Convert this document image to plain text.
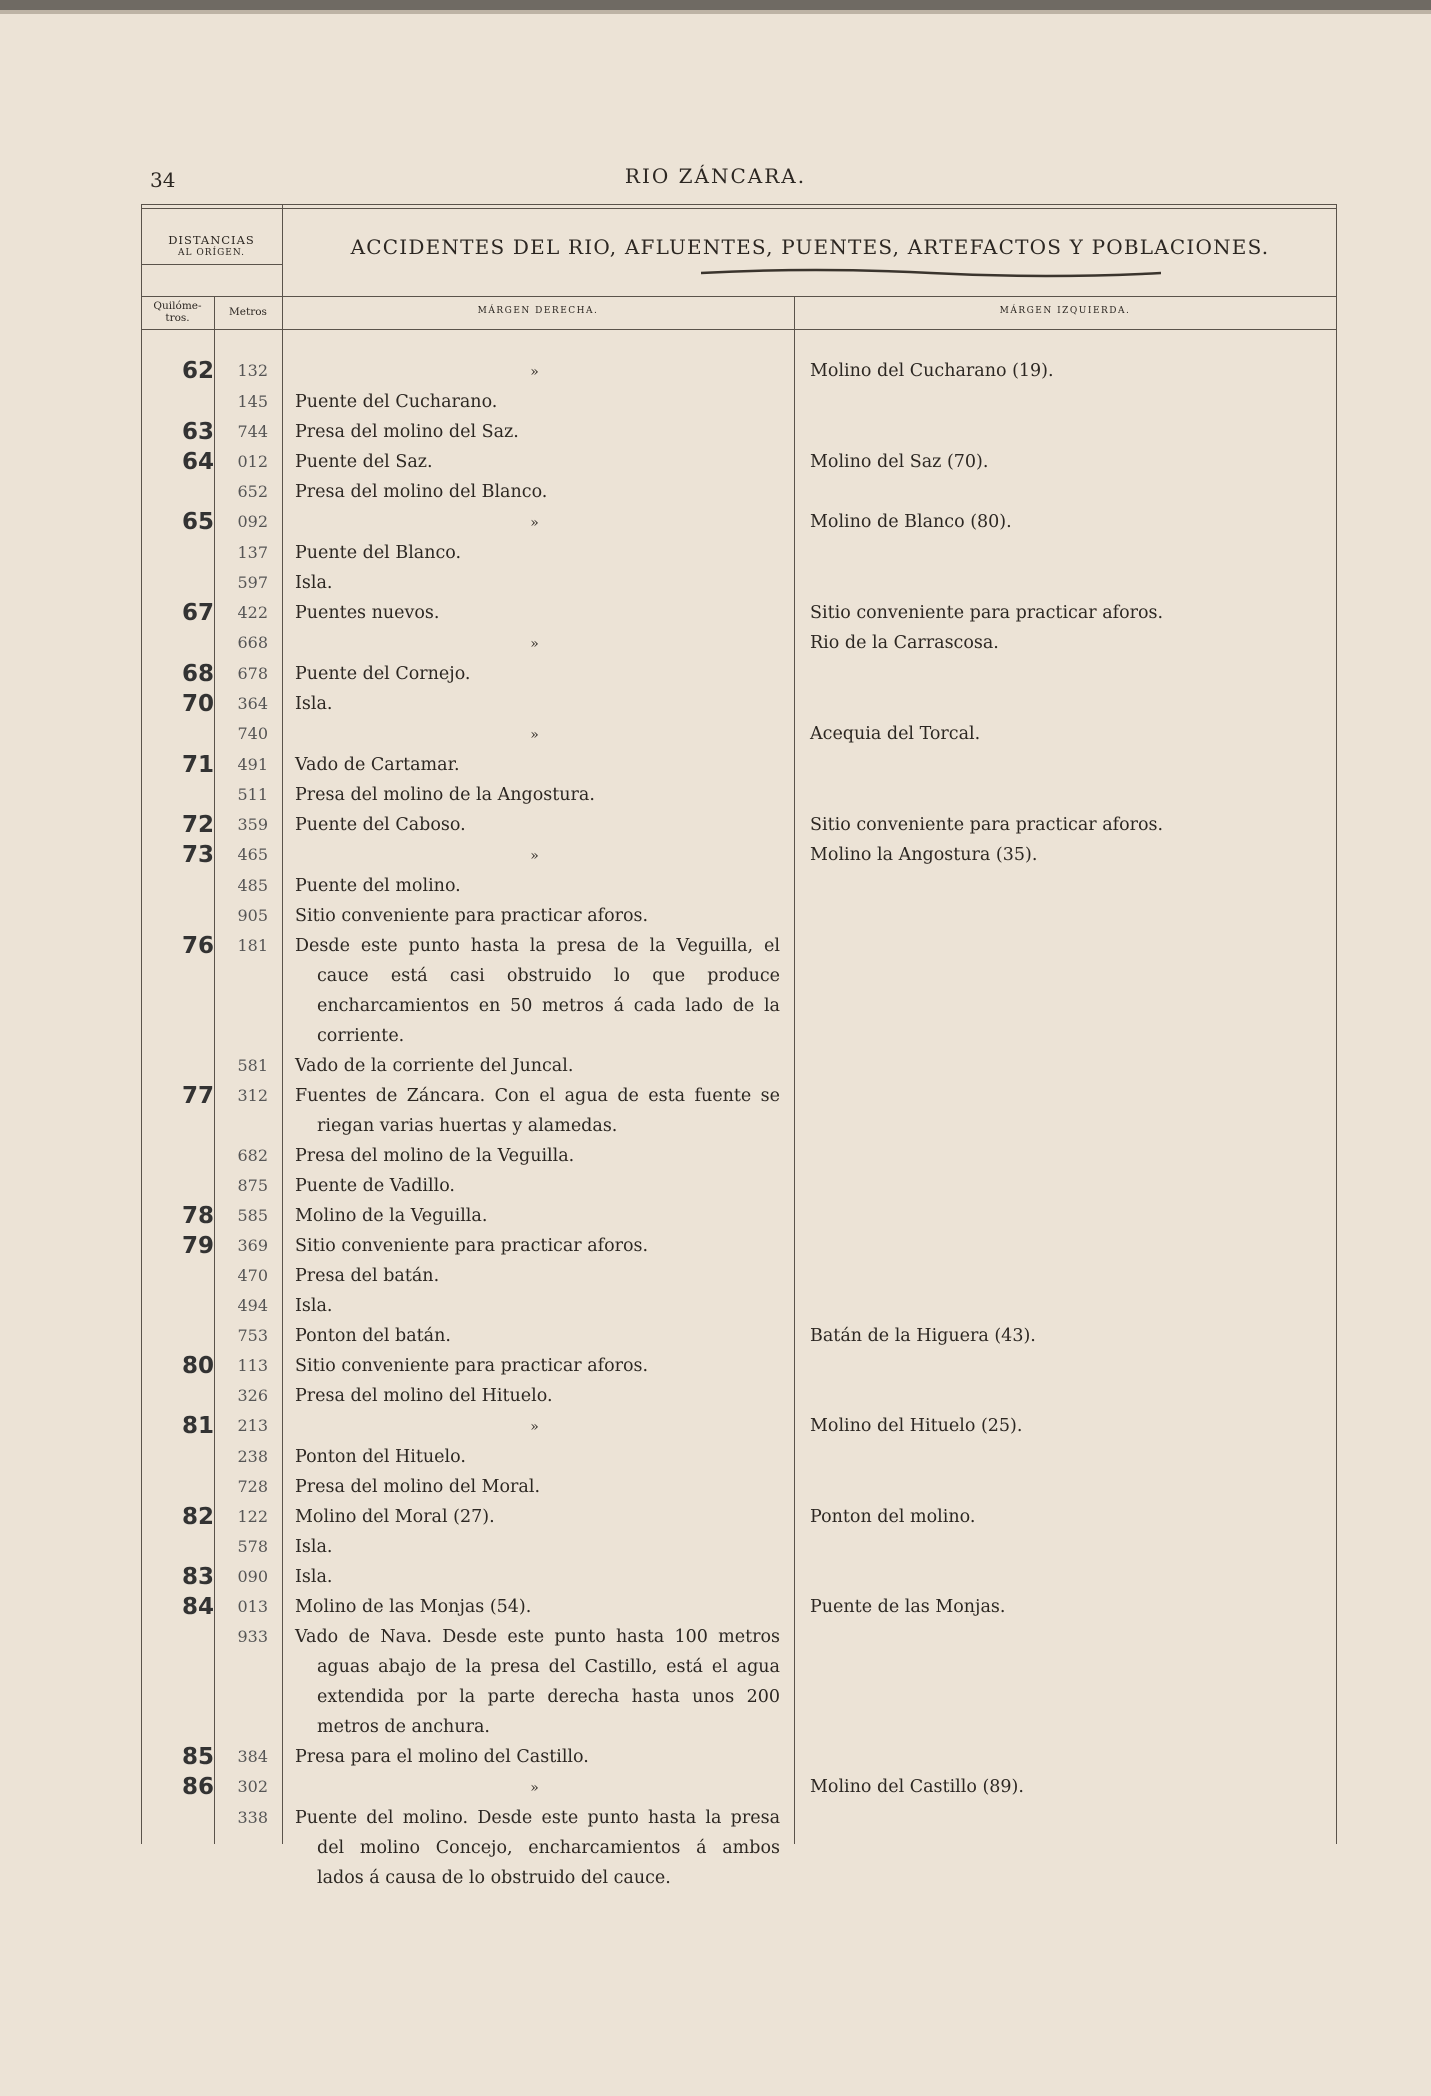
34	RIO ZÁNCARA.
DISTANCIAS
AL ORÍGEN.	ACCIDENTES DEL RIO, AFLUENTES, PUENTES, ARTEFACTOS Y POBLACIONES.
Quilóme-
tros.	Metros	MÁRGEN DERECHA.	MÁRGEN IZQUIERDA.
62	132	»	Molino del Cucharano (19).
145	Puente del Cucharano.
63	744	Presa del molino del Saz.
64	012	Puente del Saz.	Molino del Saz (70).
652	Presa del molino del Blanco.
65	092	»	Molino de Blanco (80).
137	Puente del Blanco.
597	Isla.
67	422	Puentes nuevos.	Sitio conveniente para practicar aforos.
668	»	Rio de la Carrascosa.
68	678	Puente del Cornejo.
70	364	Isla.
740	»	Acequia del Torcal.
71	491	Vado de Cartamar.
511	Presa del molino de la Angostura.
72	359	Puente del Caboso.	Sitio conveniente para practicar aforos.
73	465	»	Molino la Angostura (35).
485	Puente del molino.
905	Sitio conveniente para practicar aforos.
76	181	Desde este punto hasta la presa de la Veguilla, el cauce está casi obstruido lo que produce encharcamientos en 50 metros á cada lado de la corriente.
581	Vado de la corriente del Juncal.
77	312	Fuentes de Záncara. Con el agua de esta fuente se riegan varias huertas y alamedas.
682	Presa del molino de la Veguilla.
875	Puente de Vadillo.
78	585	Molino de la Veguilla.
79	369	Sitio conveniente para practicar aforos.
470	Presa del batán.
494	Isla.
753	Ponton del batán.	Batán de la Higuera (43).
80	113	Sitio conveniente para practicar aforos.
326	Presa del molino del Hituelo.
81	213	»	Molino del Hituelo (25).
238	Ponton del Hituelo.
728	Presa del molino del Moral.
82	122	Molino del Moral (27).	Ponton del molino.
578	Isla.
83	090	Isla.
84	013	Molino de las Monjas (54).	Puente de las Monjas.
933	Vado de Nava. Desde este punto hasta 100 metros aguas abajo de la presa del Castillo, está el agua extendida por la parte derecha hasta unos 200 metros de anchura.
85	384	Presa para el molino del Castillo.
86	302	»	Molino del Castillo (89).
338	Puente del molino. Desde este punto hasta la presa del molino Concejo, encharcamientos á ambos lados á causa de lo obstruido del cauce.
